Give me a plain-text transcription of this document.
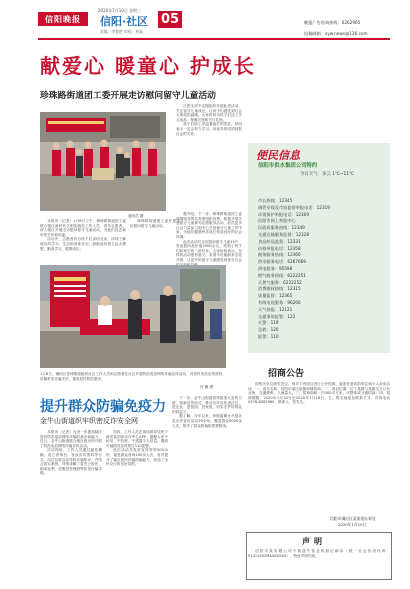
2020年1月10日 星期三
信阳晚报	信阳·社区 05
责编：李春艳 审校：林焱
晚报广告咨询热线：6262965
投稿邮箱：xyw.news@126.com
献爱心 暖童心 护成长
珍珠路街道团工委开展走访慰问留守儿童活动
通讯员 摄

本报讯（记者）1月6日上午，珍珠路街道团工委联合辖区新时代文明实践站工作人员、青年志愿者，深入辖区开展走访慰问留守儿童活动，为他们送去新年的关怀和祝福。

活动中，志愿者们与孩子们亲切交谈，详细了解他们的学习、生活和身体状况，鼓励他们树立远大理想，勤奋学习，健康成长。

珍珠路街道团工委开展走访慰问留守儿童活动。

区团支部不定期组织开展此类活动，关注留守儿童成长，让孩子们感受到社会大家庭的温暖。大家纷纷为孩子们送上学习用品、保暖衣物和节日礼物。

孩子们脸上洋溢着灿烂的笑容，纷纷表示一定会努力学习，用优异的成绩回报社会的关爱。

据介绍，下一步，珍珠路街道团工委将继续发挥共青团组织优势，积极开展关爱留守儿童系列志愿服务活动，动员更多社会力量参与到关心关爱留守儿童工作中来，为他们健康快乐成长营造良好的社会环境。

此次活动共走访慰问留守儿童15户，发放慰问品价值2000余元，受到了孩子们和家长的一致好评。大家纷纷表示，这样的活动很有意义，希望今后能够常态化开展，让更多的留守儿童感受到来自社会

便民信息
信阳市供水集团公司特约
今日天气：多云 1℃~11℃
市长热线：12345
城管专线及市容监督举报电话：12319
环境保护举报电话：12369
信阳市网上举报中心
民政局服务热线：12349
交通运输服务监督：12328
食品药品监督：12331
价格举报电话：12358
税务服务热线：12366
供水服务电话：6267669
供电服务：95598
燃气服务热线：6222251
天然气服务：6222252
消费维权热线：12315
质量监督：12365
有线电视服务：96266
天气预报：12121
交通事故报警：122
火警：119
急救：120
匪警：110
1月8日，浉河区老城街道组织社区工作人员和志愿者在社区开展防范电信网络诈骗宣传活动，向居民发放宣传资料，讲解常见诈骗手法，提高居民防范意识。
许 鹏 摄
提升群众防骗免疫力
金牛山街道织牢织密反诈安全网

本报讯（记者）为进一步提高辖区居民防范电信网络诈骗的意识和能力，近日，金牛山街道联合辖区派出所开展了防范电信网络诈骗宣传活动。

活动现场，工作人员通过悬挂横幅、设立咨询台、发放宣传资料等方式，向过往群众宣传防诈骗知识，并结合真实案例，详细讲解了冒充公检法、刷单返利、虚假投资理财等常见诈骗手段。

同时，工作人员还现场指导居民下载安装国家反诈中心APP，提醒大家不轻信、不转账、不透露个人信息，遇到可疑情况及时拨打110报警。

此次活动共发放宣传资料500余份，接受群众咨询100余人次，有效提升了辖区居民识骗防骗能力，营造了全民反诈的良好氛围。

下一步，金牛山街道将持续加大宣传力度，创新宣传形式，推动反诈宣传进社区、进企业、进校园、进家庭，切实守护好群众的钱袋子。

据了解，今年以来，该街道累计开展各类反诈宣传活动20余场，覆盖群众5000余人次，筑牢了群众防骗的思想防线。

招商公告

经相关单位研究决定，现对下列项目进行公开招商，欢迎有意向的单位和个人前来洽谈。一、项目名称：信阳市某区临街商铺招商。二、项目位置：位于某路与某路交叉口东北角，交通便利，人流量大。三、招商面积：约300平方米，可整体或分割招商。四、招商期限：2020年1月10日至2020年1月16日。五、报名地址及联系方式：详询电话0376-6262965，联系人：张先生。

信阳市浉河区某街道办事处
2020年1月10日
声明

信阳市某有限公司不慎遗失营业执照正副本（统一社会信用代码：91411502MA40XXXX），特此声明作废。
